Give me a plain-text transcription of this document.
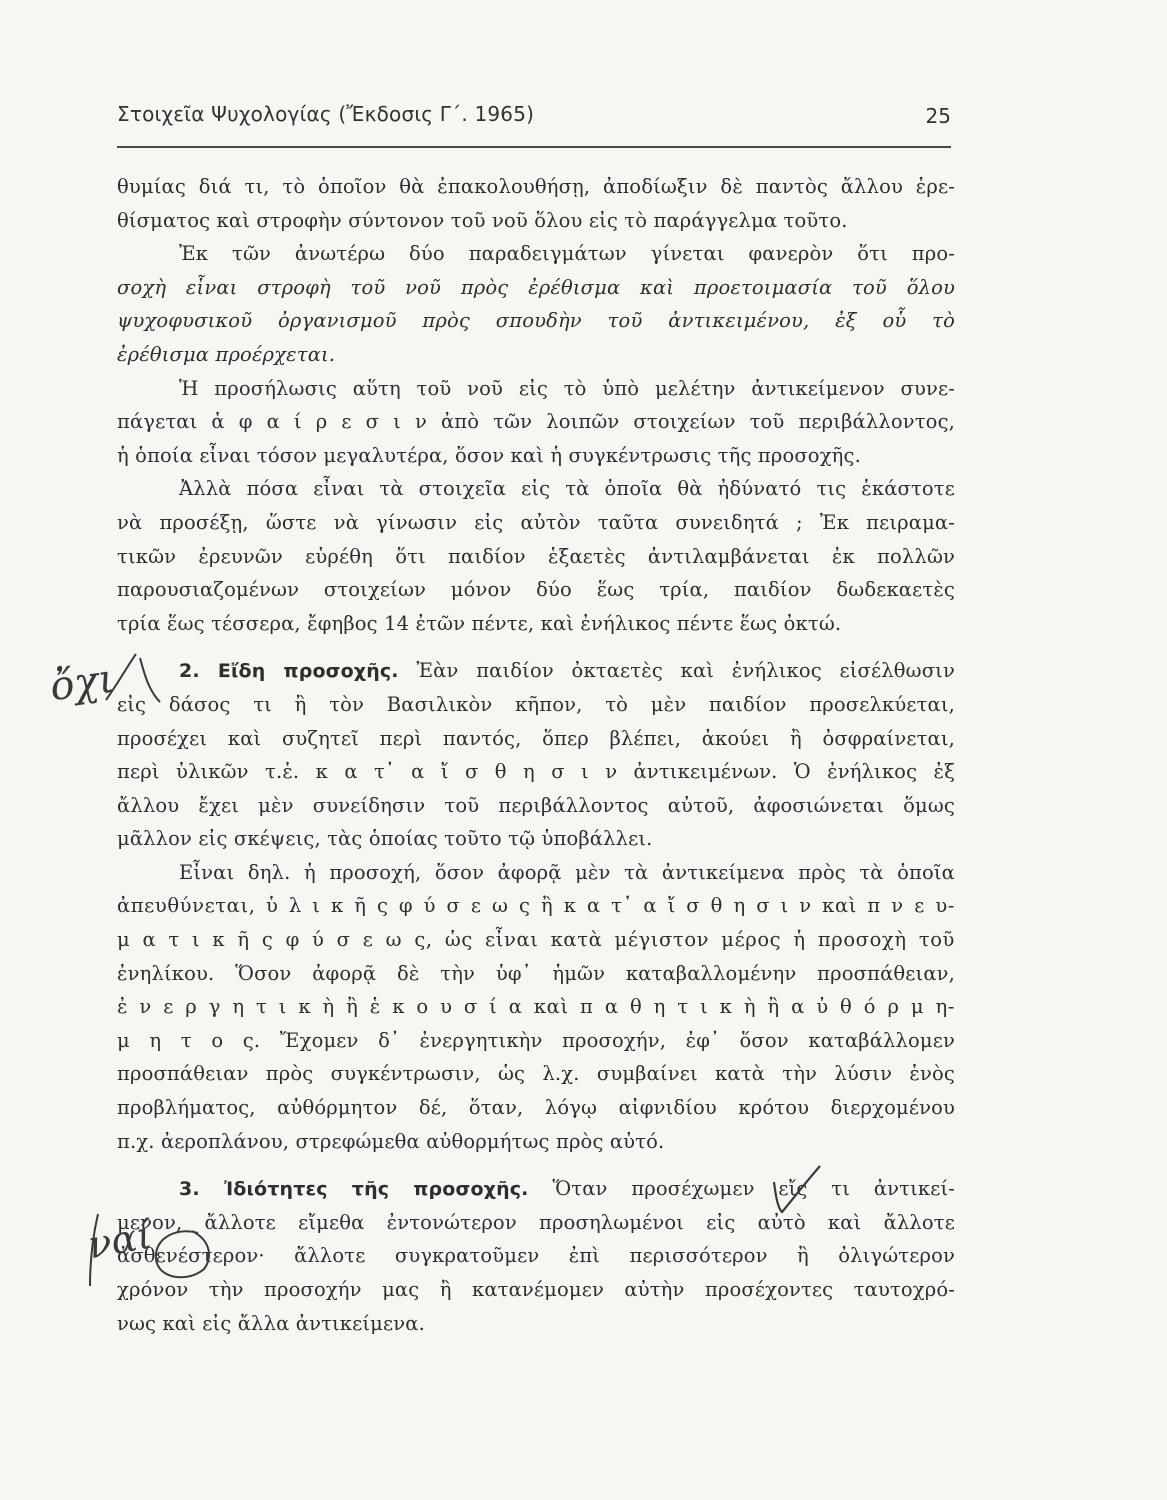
Στοιχεῖα Ψυχολογίας (Ἔκδοσις Γ΄. 1965)	25
θυμίας διά τι, τὸ ὁποῖον θὰ ἐπακολουθήσῃ, ἀποδίωξιν δὲ παντὸς ἄλλου ἐρε-
θίσματος καὶ στροφὴν σύντονον τοῦ νοῦ ὅλου εἰς τὸ παράγγελμα τοῦτο.
Ἐκ τῶν ἀνωτέρω δύο παραδειγμάτων γίνεται φανερὸν ὅτι προ-
σοχὴ εἶναι στροφὴ τοῦ νοῦ πρὸς ἐρέθισμα καὶ προετοιμασία τοῦ ὅλου
ψυχοφυσικοῦ ὀργανισμοῦ πρὸς σπουδὴν τοῦ ἀντικειμένου, ἐξ οὗ τὸ
ἐρέθισμα προέρχεται.
Ἡ προσήλωσις αὕτη τοῦ νοῦ εἰς τὸ ὑπὸ μελέτην ἀντικείμενον συνε-
πάγεται ἀ φ α ί ρ ε σ ι ν ἀπὸ τῶν λοιπῶν στοιχείων τοῦ περιβάλλοντος,
ἡ ὁποία εἶναι τόσον μεγαλυτέρα, ὅσον καὶ ἡ συγκέντρωσις τῆς προσοχῆς.
Ἀλλὰ πόσα εἶναι τὰ στοιχεῖα εἰς τὰ ὁποῖα θὰ ἠδύνατό τις ἑκάστοτε
νὰ προσέξῃ, ὥστε νὰ γίνωσιν εἰς αὐτὸν ταῦτα συνειδητά ; Ἐκ πειραμα-
τικῶν ἐρευνῶν εὑρέθη ὅτι παιδίον ἑξαετὲς ἀντιλαμβάνεται ἐκ πολλῶν
παρουσιαζομένων στοιχείων μόνον δύο ἕως τρία, παιδίον δωδεκαετὲς
τρία ἕως τέσσερα, ἔφηβος 14 ἐτῶν πέντε, καὶ ἐνήλικος πέντε ἕως ὀκτώ.
2. Εἴδη προσοχῆς. Ἐὰν παιδίον ὀκταετὲς καὶ ἐνήλικος εἰσέλθωσιν
εἰς δάσος τι ἢ τὸν Βασιλικὸν κῆπον, τὸ μὲν παιδίον προσελκύεται,
προσέχει καὶ συζητεῖ περὶ παντός, ὅπερ βλέπει, ἀκούει ἢ ὀσφραίνεται,
περὶ ὑλικῶν τ.ἑ. κ α τ᾽ α ἴ σ θ η σ ι ν ἀντικειμένων. Ὁ ἐνήλικος ἐξ
ἄλλου ἔχει μὲν συνείδησιν τοῦ περιβάλλοντος αὐτοῦ, ἀφοσιώνεται ὅμως
μᾶλλον εἰς σκέψεις, τὰς ὁποίας τοῦτο τῷ ὑποβάλλει.
Εἶναι δηλ. ἡ προσοχή, ὅσον ἀφορᾷ μὲν τὰ ἀντικείμενα πρὸς τὰ ὁποῖα
ἀπευθύνεται, ὑ λ ι κ ῆ ς φ ύ σ ε ω ς ἢ κ α τ᾽ α ἴ σ θ η σ ι ν καὶ π ν ε υ-
μ α τ ι κ ῆ ς φ ύ σ ε ω ς, ὡς εἶναι κατὰ μέγιστον μέρος ἡ προσοχὴ τοῦ
ἐνηλίκου. Ὅσον ἀφορᾷ δὲ τὴν ὑφ᾽ ἡμῶν καταβαλλομένην προσπάθειαν,
ἐ ν ε ρ γ η τ ι κ ὴ ἢ ἑ κ ο υ σ ί α καὶ π α θ η τ ι κ ὴ ἢ α ὐ θ ό ρ μ η-
μ η τ ο ς. Ἔχομεν δ᾽ ἐνεργητικὴν προσοχήν, ἐφ᾽ ὅσον καταβάλλομεν
προσπάθειαν πρὸς συγκέντρωσιν, ὡς λ.χ. συμβαίνει κατὰ τὴν λύσιν ἑνὸς
προβλήματος, αὐθόρμητον δέ, ὅταν, λόγῳ αἰφνιδίου κρότου διερχομένου
π.χ. ἀεροπλάνου, στρεφώμεθα αὐθορμήτως πρὸς αὐτό.
3. Ἰδιότητες τῆς προσοχῆς. Ὅταν προσέχωμεν εἴς τι ἀντικεί-
μενον, ἄλλοτε εἴμεθα ἐντονώτερον προσηλωμένοι εἰς αὐτὸ καὶ ἄλλοτε
ἀσθενέστερον· ἄλλοτε συγκρατοῦμεν ἐπὶ περισσότερον ἢ ὀλιγώτερον
χρόνον τὴν προσοχήν μας ἢ κατανέμομεν αὐτὴν προσέχοντες ταυτοχρό-
νως καὶ εἰς ἄλλα ἀντικείμενα.
ὄχι
ναί
